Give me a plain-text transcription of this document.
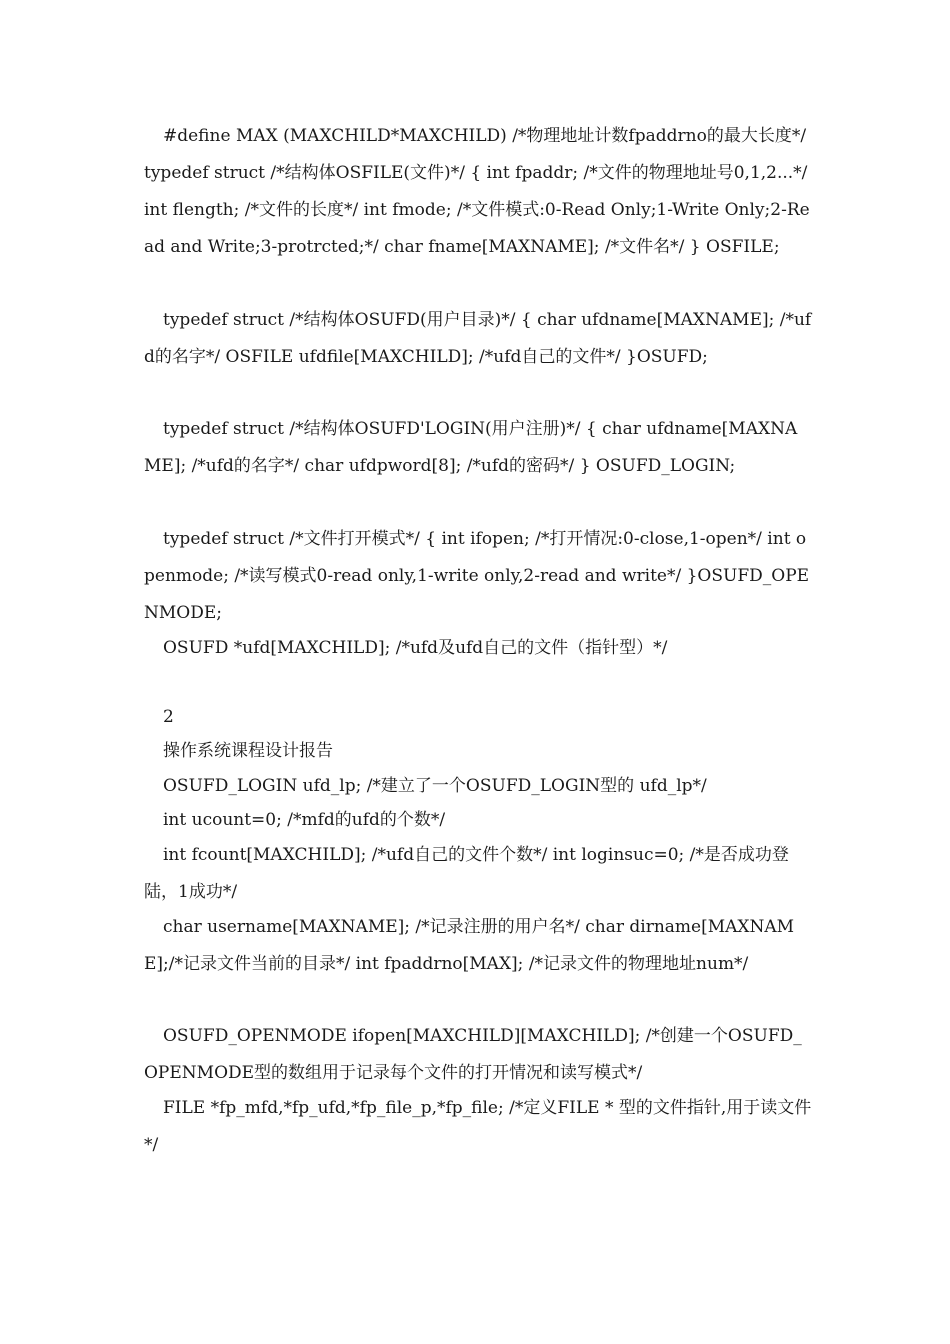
#define MAX (MAXCHILD*MAXCHILD) /*物理地址计数fpaddrno的最大长度*/ typedef struct /*结构体OSFILE(文件)*/ { int fpaddr; /*文件的物理地址号0,1,2...*/ int flength; /*文件的长度*/ int fmode; /*文件模式:0-Read Only;1-Write Only;2-Read and Write;3-protrcted;*/ char fname[MAXNAME]; /*文件名*/ } OSFILE;

typedef struct /*结构体OSUFD(用户目录)*/ { char ufdname[MAXNAME]; /*ufd的名字*/ OSFILE ufdfile[MAXCHILD]; /*ufd自己的文件*/ }OSUFD;

typedef struct /*结构体OSUFD'LOGIN(用户注册)*/ { char ufdname[MAXNAME]; /*ufd的名字*/ char ufdpword[8]; /*ufd的密码*/ } OSUFD_LOGIN;

typedef struct /*文件打开模式*/ { int ifopen; /*打开情况:0-close,1-open*/ int openmode; /*读写模式0-read only,1-write only,2-read and write*/ }OSUFD_OPENMODE;

OSUFD *ufd[MAXCHILD]; /*ufd及ufd自己的文件（指针型）*/

2

操作系统课程设计报告

OSUFD_LOGIN ufd_lp; /*建立了一个OSUFD_LOGIN型的 ufd_lp*/

int ucount=0; /*mfd的ufd的个数*/

int fcount[MAXCHILD]; /*ufd自己的文件个数*/ int loginsuc=0; /*是否成功登陆，1成功*/

char username[MAXNAME]; /*记录注册的用户名*/ char dirname[MAXNAME];/*记录文件当前的目录*/ int fpaddrno[MAX]; /*记录文件的物理地址num*/

OSUFD_OPENMODE ifopen[MAXCHILD][MAXCHILD]; /*创建一个OSUFD_OPENMODE型的数组用于记录每个文件的打开情况和读写模式*/

FILE *fp_mfd,*fp_ufd,*fp_file_p,*fp_file; /*定义FILE * 型的文件指针,用于读文件*/
